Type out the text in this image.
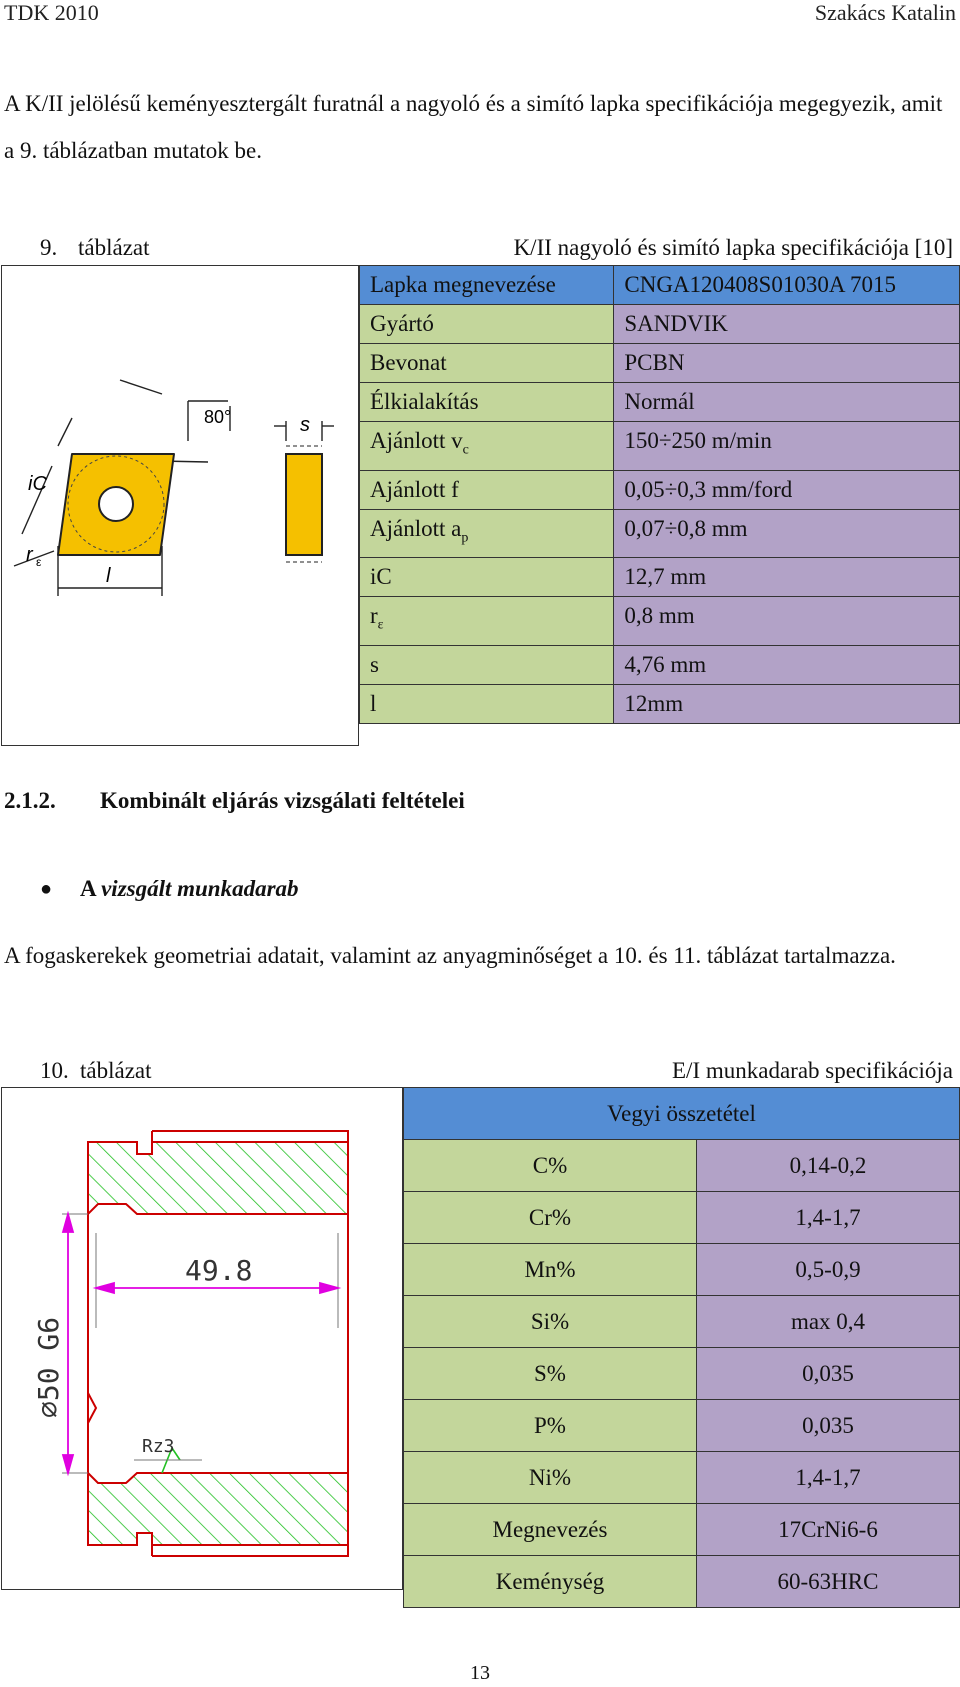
TDK 2010	Szakács Katalin
A K/II jelölésű keményesztergált furatnál a nagyoló és a simító lapka specifikációja megegyezik, amit a 9. táblázatban mutatok be.
9. táblázat	K/II nagyoló és simító lapka specifikációja [10]
80°	s
iC
r ε
l
Lapka megnevezése	CNGA120408S01030A 7015
Gyártó	SANDVIK
Bevonat	PCBN
Élkialakítás	Normál
Ajánlott $v_c$	150÷250 m/min
Ajánlott f	0,05÷0,3 mm/ford
Ajánlott $a_p$	0,07÷0,8 mm
iC	12,7 mm
$r_\varepsilon$	0,8 mm
s	4,76 mm
l	12mm
2.1.2. Kombinált eljárás vizsgálati feltételei
● A vizsgált munkadarab
A fogaskerekek geometriai adatait, valamint az anyagminőséget a 10. és 11. táblázat tartalmazza.
10. táblázat	E/I munkadarab specifikációja
49.8
⌀50 G6
Rz3
Vegyi összetétel	
C%	0,14-0,2
Cr%	1,4-1,7
Mn%	0,5-0,9
Si%	max 0,4
S%	0,035
P%	0,035
Ni%	1,4-1,7
Megnevezés	17CrNi6-6
Keménység	60-63HRC
13
